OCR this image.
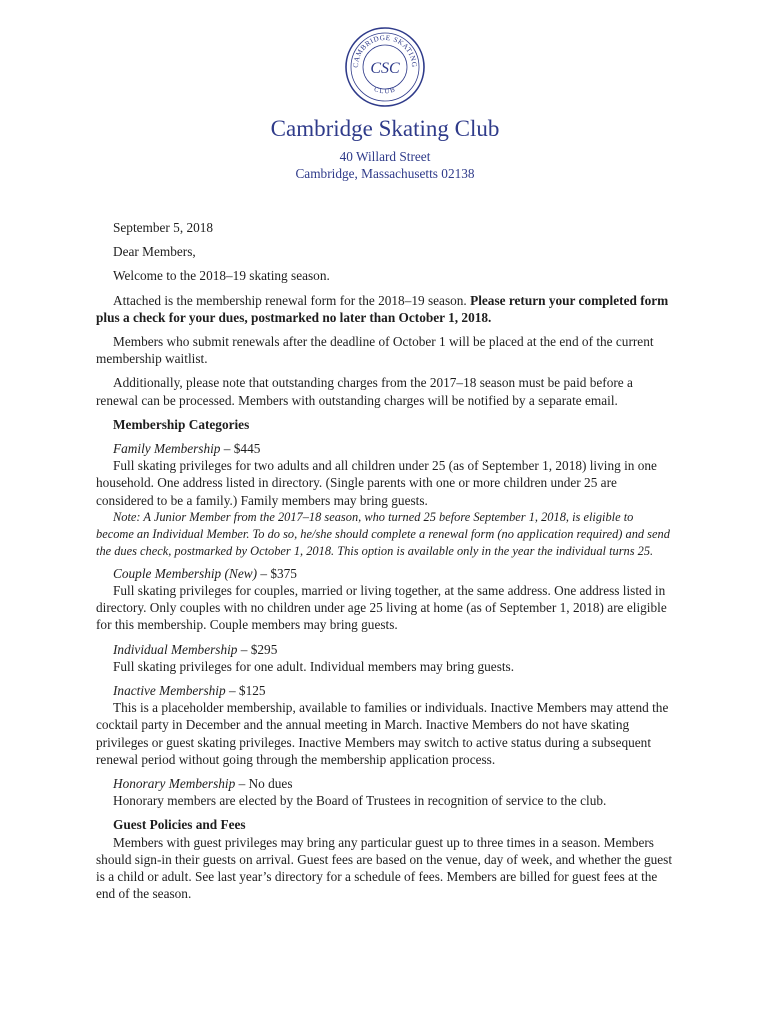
CAMBRIDGE SKATING
CLUB
CSC
Cambridge Skating Club
40 Willard Street
Cambridge, Massachusetts 02138

September 5, 2018

Dear Members,

Welcome to the 2018–19 skating season.

Attached is the membership renewal form for the 2018–19 season. Please return your completed form plus a check for your dues, postmarked no later than October 1, 2018.

Members who submit renewals after the deadline of October 1 will be placed at the end of the current membership waitlist.

Additionally, please note that outstanding charges from the 2017–18 season must be paid before a renewal can be processed. Members with outstanding charges will be notified by a separate email.

Membership Categories

Family Membership – $445

Full skating privileges for two adults and all children under 25 (as of September 1, 2018) living in one household. One address listed in directory. (Single parents with one or more children under 25 are considered to be a family.) Family members may bring guests.

Note: A Junior Member from the 2017–18 season, who turned 25 before September 1, 2018, is eligible to become an Individual Member. To do so, he/she should complete a renewal form (no application required) and send the dues check, postmarked by October 1, 2018. This option is available only in the year the individual turns 25.

Couple Membership (New) – $375

Full skating privileges for couples, married or living together, at the same address. One address listed in directory. Only couples with no children under age 25 living at home (as of September 1, 2018) are eligible for this membership. Couple members may bring guests.

Individual Membership – $295

Full skating privileges for one adult. Individual members may bring guests.

Inactive Membership – $125

This is a placeholder membership, available to families or individuals. Inactive Members may attend the cocktail party in December and the annual meeting in March. Inactive Members do not have skating privileges or guest skating privileges. Inactive Members may switch to active status during a subsequent renewal period without going through the membership application process.

Honorary Membership – No dues

Honorary members are elected by the Board of Trustees in recognition of service to the club.

Guest Policies and Fees

Members with guest privileges may bring any particular guest up to three times in a season. Members should sign-in their guests on arrival. Guest fees are based on the venue, day of week, and whether the guest is a child or adult. See last year’s directory for a schedule of fees. Members are billed for guest fees at the end of the season.
